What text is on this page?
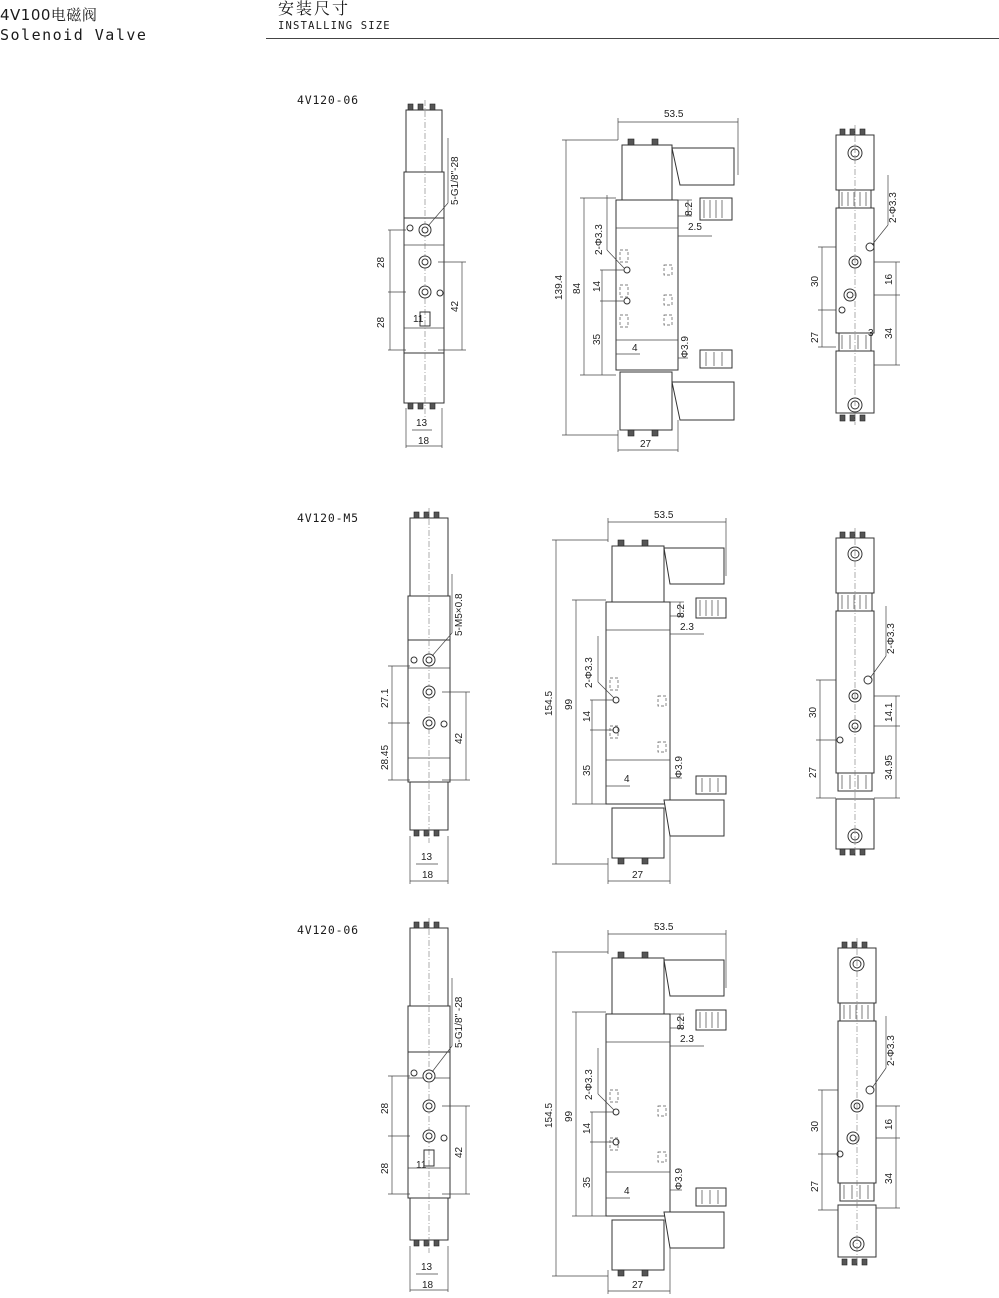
4V100电磁阀
Solenoid Valve
安装尺寸
INSTALLING SIZE
4V120-06
5-G1/8"-28
28
28
42
11
13
18
53.5
139.4 84 14
35
2-Φ3.3
4
8.2
2.5
Φ3.9
27
2-Φ3.3
30
27
16
34
3
4V120-M5
5-M5×0.8
27.1
28.45
42
13
18
53.5
154.5 99
14
35
2-Φ3.3
4
8.2
2.3
Φ3.9
27
2-Φ3.3
30
27
14.1
34.95
4V120-06
5-G1/8" -28
28
28
42
11
13
18
53.5
154.5 99
14
35
2-Φ3.3
4
8.2
2.3
Φ3.9
27
2-Φ3.3
30
27
16
34
